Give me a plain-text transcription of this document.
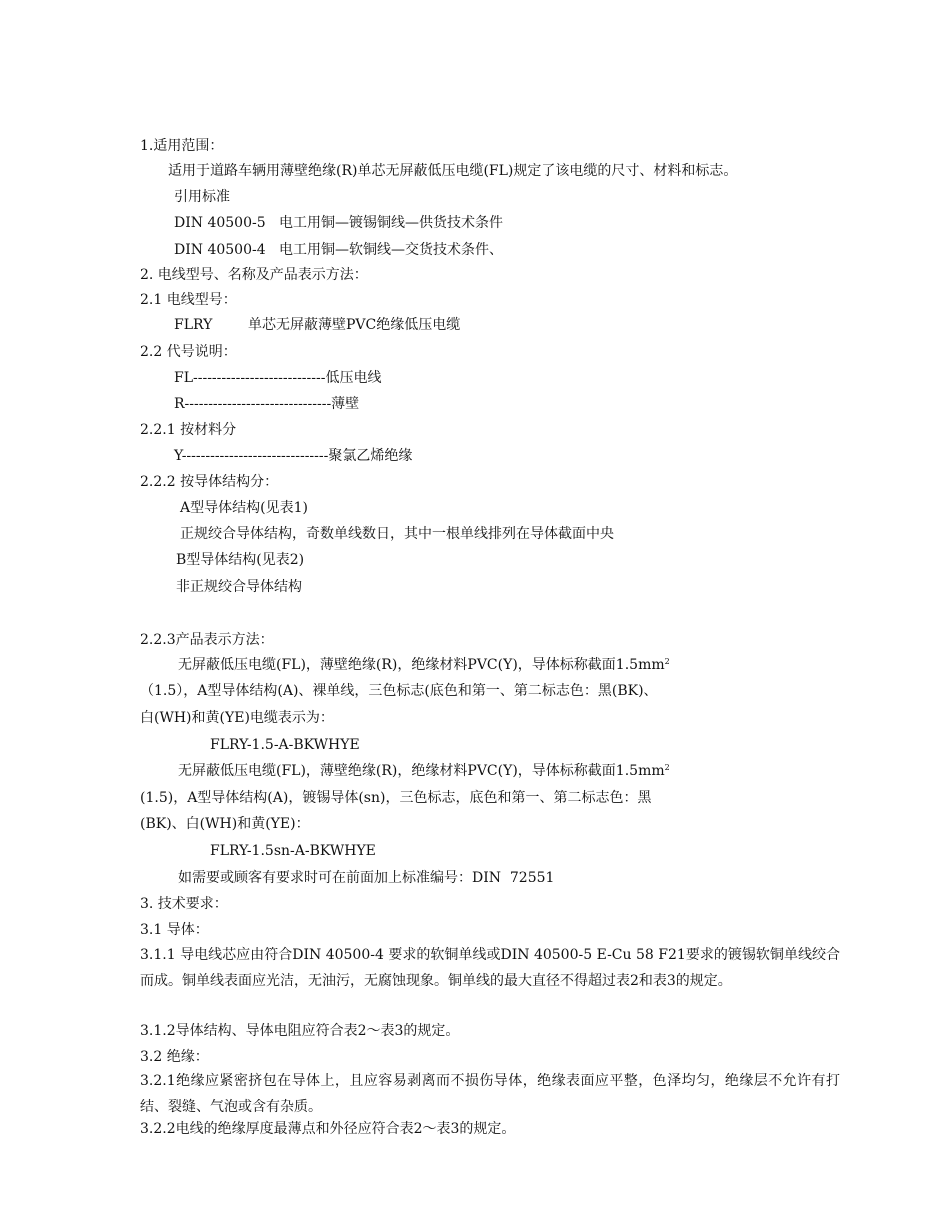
1.适用范围：
适用于道路车辆用薄壁绝缘(R)单芯无屏蔽低压电缆(FL)规定了该电缆的尺寸、材料和标志。
引用标准
DIN 40500-5   电工用铜—镀锡铜线—供货技术条件
DIN 40500-4   电工用铜—软铜线—交货技术条件、
2. 电线型号、名称及产品表示方法：
2.1 电线型号：
FLRY        单芯无屏蔽薄壁PVC绝缘低压电缆
2.2 代号说明：
FL----------------------------低压电线
R-------------------------------薄壁
2.2.1 按材料分
Y-------------------------------聚氯乙烯绝缘
2.2.2 按导体结构分：
A型导体结构(见表1)
正规绞合导体结构，奇数单线数日，其中一根单线排列在导体截面中央
B型导体结构(见表2)
非正规绞合导体结构
2.2.3产品表示方法：
无屏蔽低压电缆(FL)，薄壁绝缘(R)，绝缘材料PVC(Y)，导体标称截面$1.5mm^2$
（1.5），A型导体结构(A)、裸单线，三色标志(底色和第一、第二标志色：黑(BK)、
白(WH)和黄(YE)电缆表示为：
FLRY-1.5-A-BKWHYE
无屏蔽低压电缆(FL)，薄壁绝缘(R)，绝缘材料PVC(Y)，导体标称截面$1.5mm^2$
(1.5)，A型导体结构(A)，镀锡导体(sn)，三色标志，底色和第一、第二标志色：黑
(BK)、白(WH)和黄(YE)：
FLRY-1.5sn-A-BKWHYE
如需要或顾客有要求时可在前面加上标准编号：DIN  72551
3. 技术要求：
3.1 导体：
3.1.1 导电线芯应由符合DIN 40500-4 要求的软铜单线或DIN 40500-5 E-Cu 58 F21要求的镀锡软铜单线绞合而成。铜单线表面应光洁，无油污，无腐蚀现象。铜单线的最大直径不得超过表2和表3的规定。
3.1.2导体结构、导体电阻应符合表2～表3的规定。
3.2 绝缘：
3.2.1绝缘应紧密挤包在导体上，且应容易剥离而不损伤导体，绝缘表面应平整，色泽均匀，绝缘层不允许有打结、裂缝、气泡或含有杂质。
3.2.2电线的绝缘厚度最薄点和外径应符合表2～表3的规定。
